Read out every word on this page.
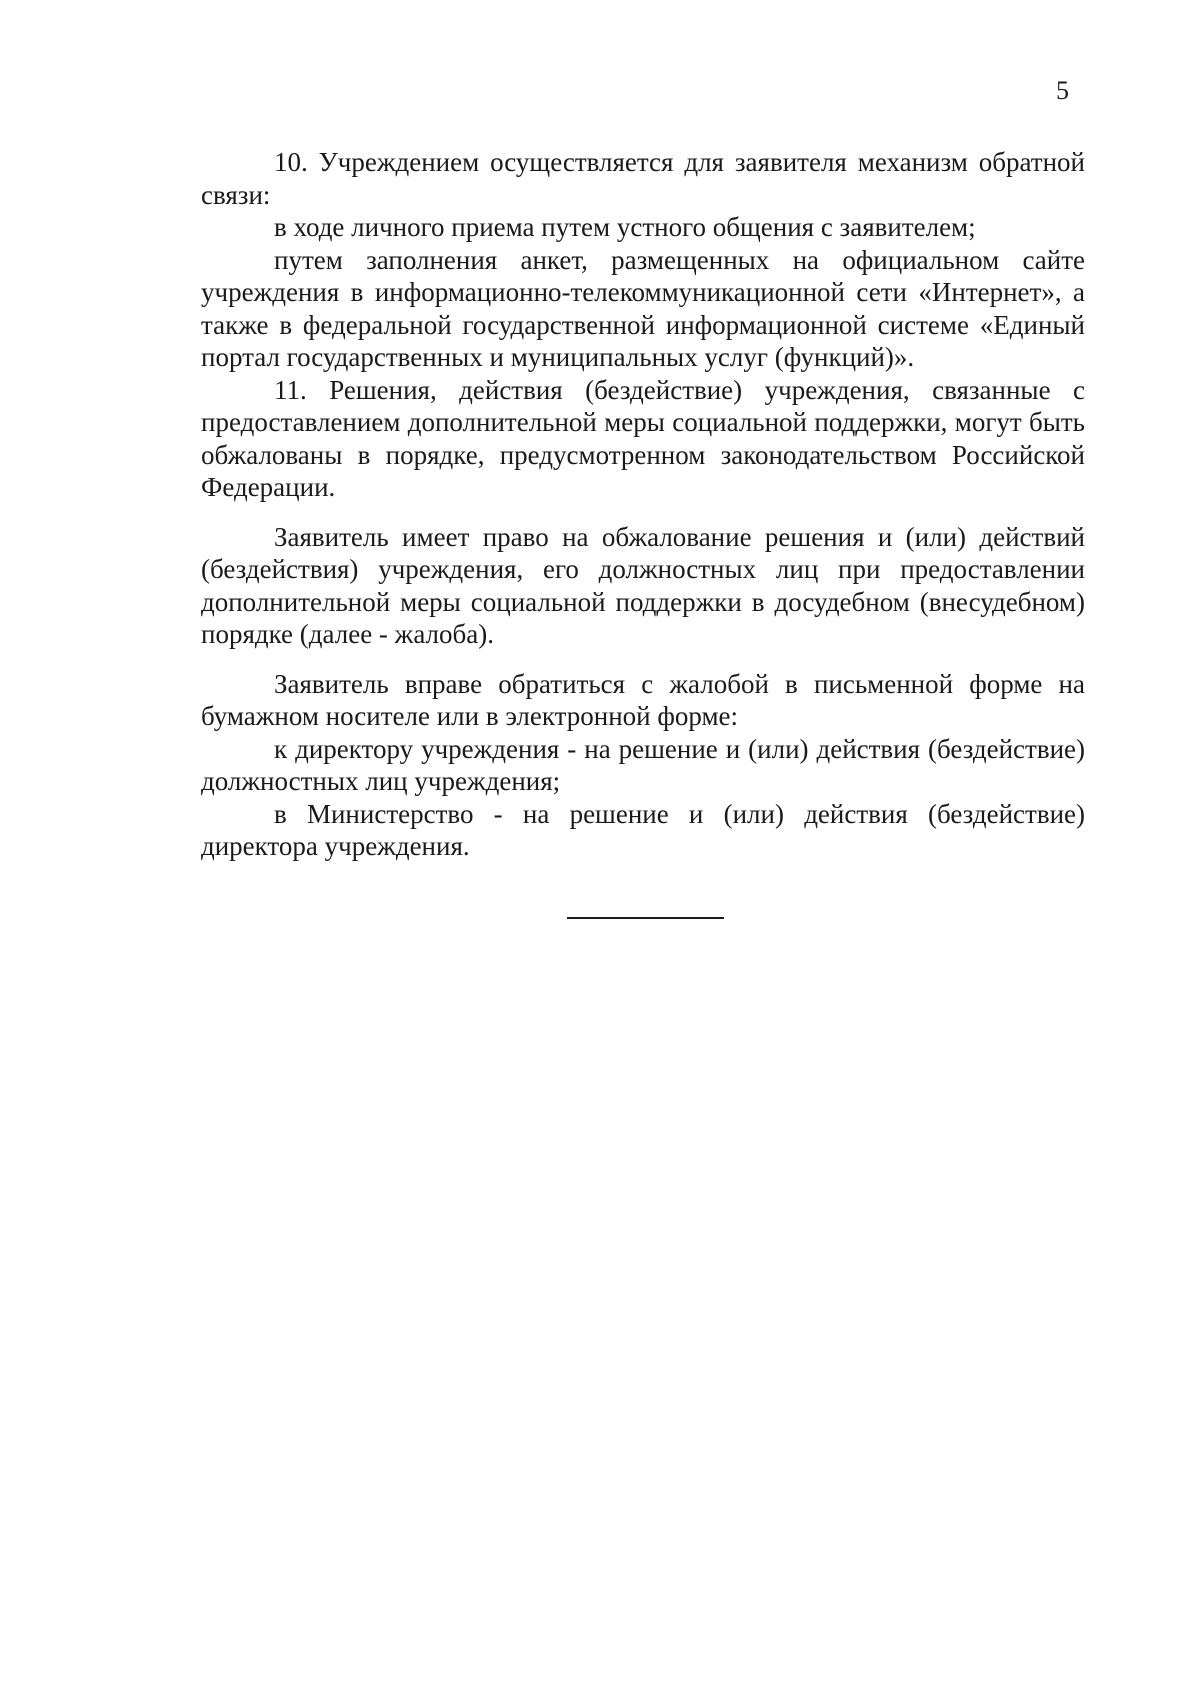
5

10. Учреждением осуществляется для заявителя механизм обратной связи:

в ходе личного приема путем устного общения с заявителем;

путем заполнения анкет, размещенных на официальном сайте учреждения в информационно-телекоммуникационной сети «Интернет», а также в федеральной государственной информационной системе «Единый портал государственных и муниципальных услуг (функций)».

11. Решения, действия (бездействие) учреждения, связанные с предоставлением дополнительной меры социальной поддержки, могут быть обжалованы в порядке, предусмотренном законодательством Российской Федерации.

Заявитель имеет право на обжалование решения и (или) действий (бездействия) учреждения, его должностных лиц при предоставлении дополнительной меры социальной поддержки в досудебном (внесудебном) порядке (далее - жалоба).

Заявитель вправе обратиться с жалобой в письменной форме на бумажном носителе или в электронной форме:

к директору учреждения - на решение и (или) действия (бездействие) должностных лиц учреждения;

в Министерство - на решение и (или) действия (бездействие) директора учреждения.
